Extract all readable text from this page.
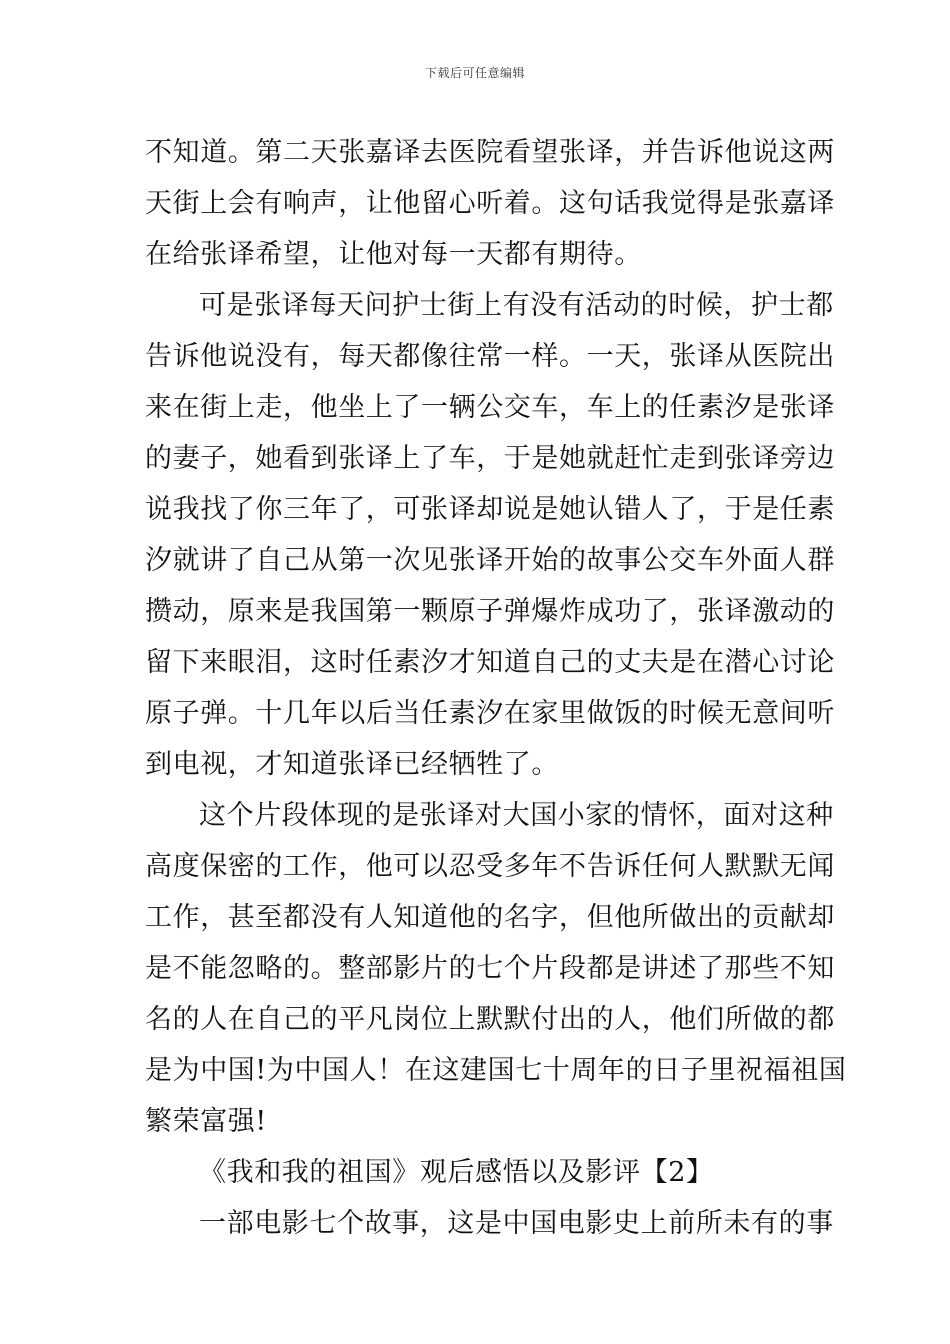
下载后可任意编辑
不知道。第二天张嘉译去医院看望张译，并告诉他说这两
天街上会有响声，让他留心听着。这句话我觉得是张嘉译
在给张译希望，让他对每一天都有期待。
可是张译每天问护士街上有没有活动的时候，护士都
告诉他说没有，每天都像往常一样。一天，张译从医院出
来在街上走，他坐上了一辆公交车，车上的任素汐是张译
的妻子，她看到张译上了车，于是她就赶忙走到张译旁边
说我找了你三年了，可张译却说是她认错人了，于是任素
汐就讲了自己从第一次见张译开始的故事公交车外面人群
攒动，原来是我国第一颗原子弹爆炸成功了，张译激动的
留下来眼泪，这时任素汐才知道自己的丈夫是在潜心讨论
原子弹。十几年以后当任素汐在家里做饭的时候无意间听
到电视，才知道张译已经牺牲了。
这个片段体现的是张译对大国小家的情怀，面对这种
高度保密的工作，他可以忍受多年不告诉任何人默默无闻
工作，甚至都没有人知道他的名字，但他所做出的贡献却
是不能忽略的。整部影片的七个片段都是讲述了那些不知
名的人在自己的平凡岗位上默默付出的人，他们所做的都
是为中国!为中国人！在这建国七十周年的日子里祝福祖国
繁荣富强!
《我和我的祖国》观后感悟以及影评【2】
一部电影七个故事，这是中国电影史上前所未有的事
